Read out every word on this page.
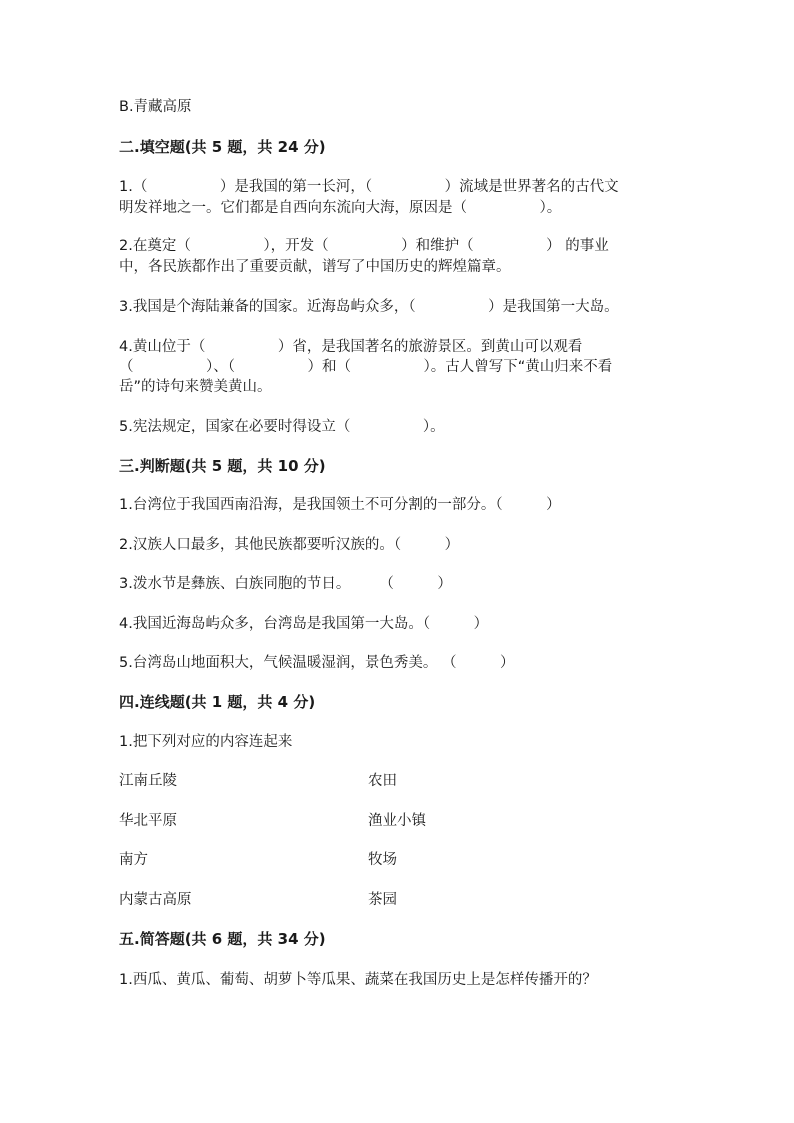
B.青藏高原
二.填空题(共 5 题，共 24 分)
1.（　　　　　）是我国的第一长河，（　　　　　）流域是世界著名的古代文
明发祥地之一。它们都是自西向东流向大海，原因是（　　　　　）。
2.在奠定（　　　　　），开发（　　　　　）和维护（　　　　　） 的事业
中，各民族都作出了重要贡献，谱写了中国历史的辉煌篇章。
3.我国是个海陆兼备的国家。近海岛屿众多，（　　　　　）是我国第一大岛。
4.黄山位于（　　　　　）省，是我国著名的旅游景区。到黄山可以观看
（　　　　　）、（　　　　　）和（　　　　　）。古人曾写下“黄山归来不看
岳”的诗句来赞美黄山。
5.宪法规定，国家在必要时得设立（　　　　　）。
三.判断题(共 5 题，共 10 分)
1.台湾位于我国西南沿海，是我国领土不可分割的一部分。（　　　）
2.汉族人口最多，其他民族都要听汉族的。（　　　）
3.泼水节是彝族、白族同胞的节日。　　　（　　　）
4.我国近海岛屿众多，台湾岛是我国第一大岛。（　　　）
5.台湾岛山地面积大，气候温暖湿润，景色秀美。 （　　　）
四.连线题(共 1 题，共 4 分)
1.把下列对应的内容连起来
江南丘陵	农田
华北平原	渔业小镇
南方	牧场
内蒙古高原	茶园
五.简答题(共 6 题，共 34 分)
1.西瓜、黄瓜、葡萄、胡萝卜等瓜果、蔬菜在我国历史上是怎样传播开的？
